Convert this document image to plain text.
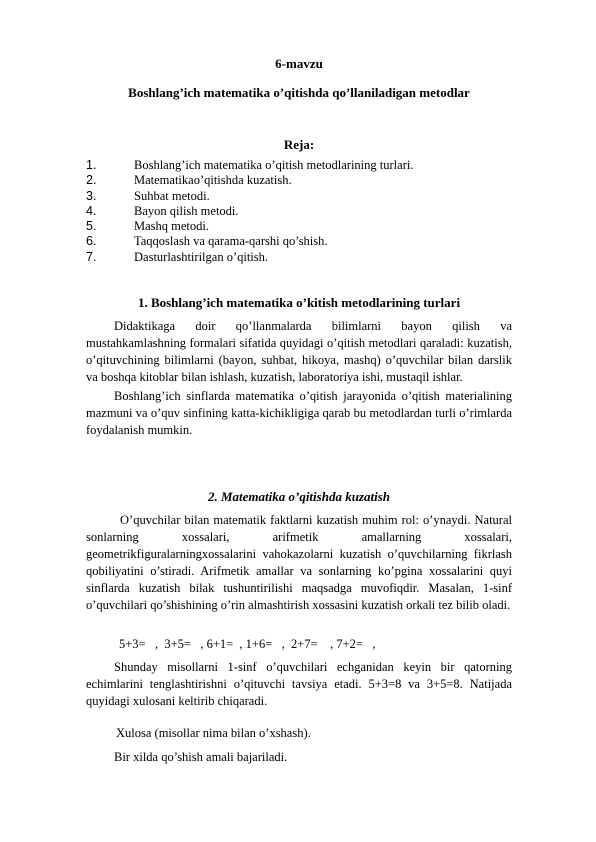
6-mavzu
Boshlang’ich matematika o’qitishda qo’llaniladigan metodlar
Reja:
1.	Boshlang’ich matematika o’qitish metodlarining turlari.
2.	Matematikao’qitishda kuzatish.
3.	Suhbat metodi.
4.	Bayon qilish metodi.
5.	Mashq metodi.
6.	Taqqoslash va qarama-qarshi qo’shish.
7.	Dasturlashtirilgan o’qitish.
1. Boshlang’ich matematika o’kitish metodlarining turlari
Didaktikaga doir qo’llanmalarda bilimlarni bayon qilish va mustahkamlashning formalari sifatida quyidagi o’qitish metodlari qaraladi: kuzatish, o’qituvchining bilimlarni (bayon, suhbat, hikoya, mashq) o’quvchilar bilan darslik va boshqa kitoblar bilan ishlash, kuzatish, laboratoriya ishi, mustaqil ishlar.
Boshlang’ich sinflarda matematika o’qitish jarayonida o’qitish materialining mazmuni va o’quv sinfining katta-kichikligiga qarab bu metodlardan turli o’rimlarda foydalanish mumkin.
2. Matematika o’qitishda kuzatish
O’quvchilar bilan matematik faktlarni kuzatish muhim rol: o’ynaydi. Natural sonlarning xossalari, arifmetik amallarning xossalari, geometrikfiguralarningxossalarini vahokazolarni kuzatish o’quvchilarning fikrlash qobiliyatini o’stiradi. Arifmetik amallar va sonlarning ko’pgina xossalarini quyi sinflarda kuzatish bilak tushuntirilishi maqsadga muvofiqdir. Masalan, 1-sinf o’quvchilari qo’shishining o’rin almashtirish xossasini kuzatish orkali tez bilib oladi.
5+3=   ,  3+5=   , 6+1=  , 1+6=   ,  2+7=    , 7+2=   ,
Shunday misollarni 1-sinf o’quvchilari echganidan keyin bir qatorning echimlarini tenglashtirishni o’qituvchi tavsiya etadi. 5+3=8 va 3+5=8. Natijada quyidagi xulosani keltirib chiqaradi.
Xulosa (misollar nima bilan o’xshash).
Bir xilda qo’shish amali bajariladi.
